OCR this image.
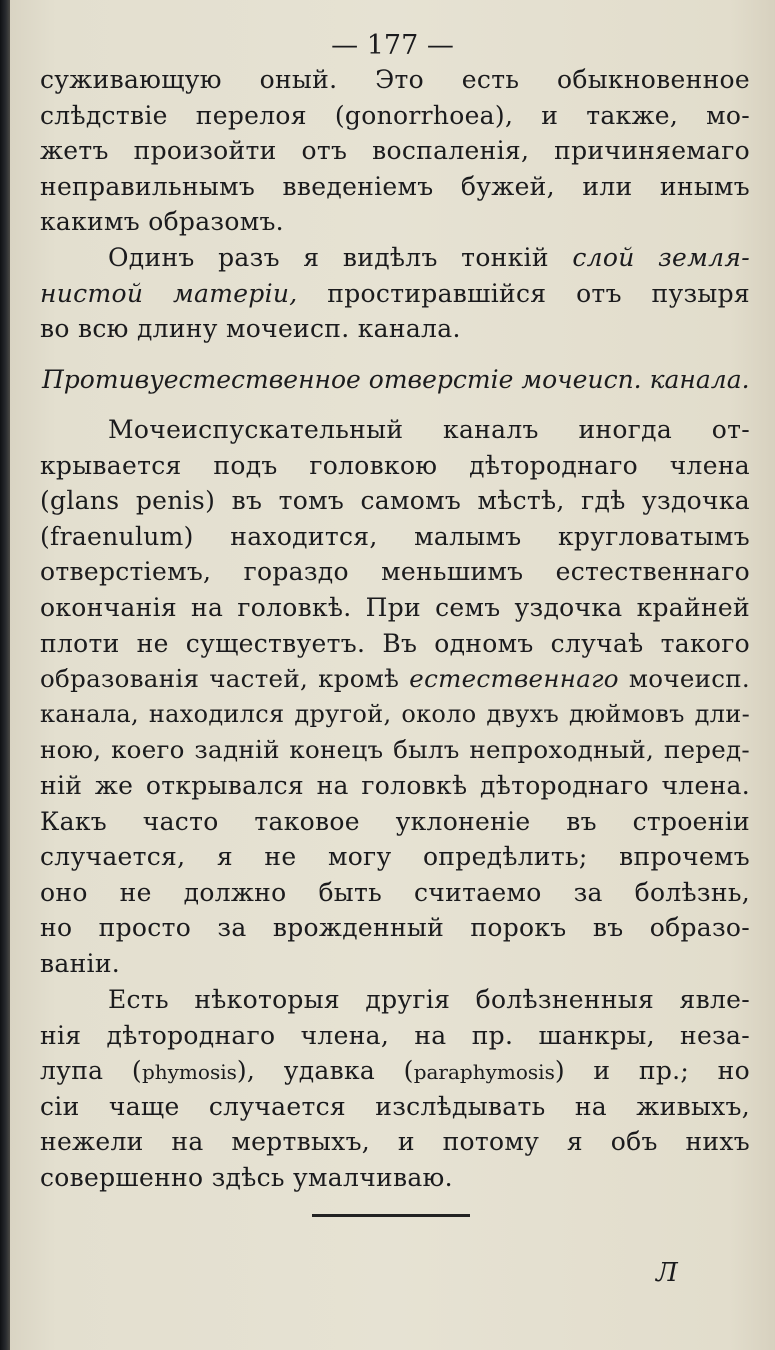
— 177 —
суживающую оный. Это есть обыкновенное
слѣдствіе перелоя (gonorrhoea), и также, мо-
жетъ произойти отъ воспаленія, причиняемаго
неправильнымъ введеніемъ бужей, или инымъ
какимъ образомъ.
Одинъ разъ я видѣлъ тонкій слой земля-
нистой матеріи, простиравшійся отъ пузыря
во всю длину мочеисп. канала.
Противуестественное отверстіе мочеисп. канала.
Мочеиспускательный каналъ иногда от-
крывается подъ головкою дѣтороднаго члена
(glans penis) въ томъ самомъ мѣстѣ, гдѣ уздочка
(fraenulum) находится, малымъ кругловатымъ
отверстіемъ, гораздо меньшимъ естественнаго
окончанія на головкѣ. При семъ уздочка крайней
плоти не существуетъ. Въ одномъ случаѣ такого
образованія частей, кромѣ естественнаго мочеисп.
канала, находился другой, около двухъ дюймовъ дли-
ною, коего задній конецъ былъ непроходный, перед-
ній же открывался на головкѣ дѣтороднаго члена.
Какъ часто таковое уклоненіе въ строеніи
случается, я не могу опредѣлить; впрочемъ
оно не должно быть считаемо за болѣзнь,
но просто за врожденный порокъ въ образо-
ваніи.
Есть нѣкоторыя другія болѣзненныя явле-
нія дѣтороднаго члена, на пр. шанкры, неза-
лупа (phymosis), удавка (paraphymosis) и пр.; но
сіи чаще случается изслѣдывать на живыхъ,
нежели на мертвыхъ, и потому я объ нихъ
совершенно здѣсь умалчиваю.
Л
